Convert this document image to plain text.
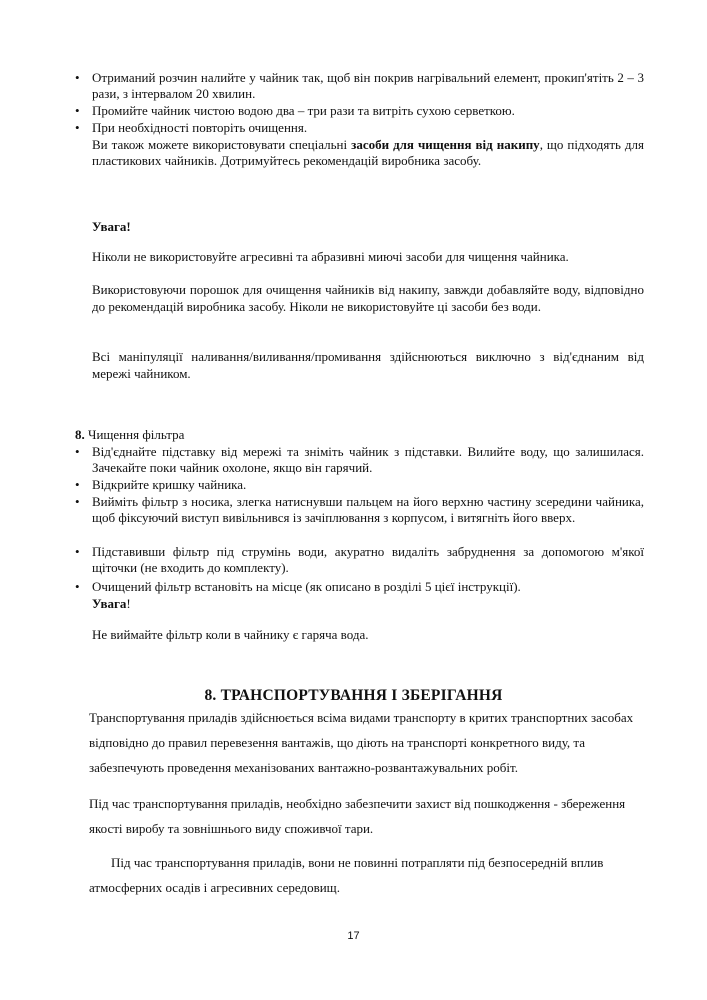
• Отриманий розчин налийте у чайник так, щоб він покрив нагрівальний елемент, прокип'ятіть 2 – 3 рази, з інтервалом 20 хвилин.
• Промийте чайник чистою водою два – три рази та витріть сухою серветкою.
• При необхідності повторіть очищення.
Ви також можете використовувати спеціальні засоби для чищення від накипу, що підходять для пластикових чайників. Дотримуйтесь рекомендацій виробника засобу.
Увага!
Ніколи не використовуйте агресивні та абразивні миючі засоби для чищення чайника.
Використовуючи порошок для очищення чайників від накипу, завжди добавляйте воду, відповідно до рекомендацій виробника засобу. Ніколи не використовуйте ці засоби без води.
Всі маніпуляції наливання/виливання/промивання здійснюються виключно з від'єднаним від мережі чайником.
8. Чищення фільтра
• Від'єднайте підставку від мережі та зніміть чайник з підставки. Вилийте воду, що залишилася. Зачекайте поки чайник охолоне, якщо він гарячий.
• Відкрийте кришку чайника.
• Вийміть фільтр з носика, злегка натиснувши пальцем на його верхню частину зсередини чайника, щоб фіксуючий виступ вивільнився із зачіплювання з корпусом, і витягніть його вверх.
• Підставивши фільтр під струмінь води, акуратно видаліть забруднення за допомогою м'якої щіточки (не входить до комплекту).
• Очищений фільтр встановіть на місце (як описано в розділі 5 цієї інструкції).
Увага!
Не виймайте фільтр коли в чайнику є гаряча вода.
8. ТРАНСПОРТУВАННЯ І ЗБЕРІГАННЯ
Транспортування приладів здійснюється всіма видами транспорту в критих транспортних засобах відповідно до правил перевезення вантажів, що діють на транспорті конкретного виду, та забезпечують проведення механізованих вантажно-розвантажувальних робіт.
Під час транспортування приладів, необхідно забезпечити захист від пошкодження - збереження якості виробу та зовнішнього виду споживчої тари.
Під час транспортування приладів, вони не повинні потрапляти під безпосередній вплив атмосферних осадів і агресивних середовищ.
17
